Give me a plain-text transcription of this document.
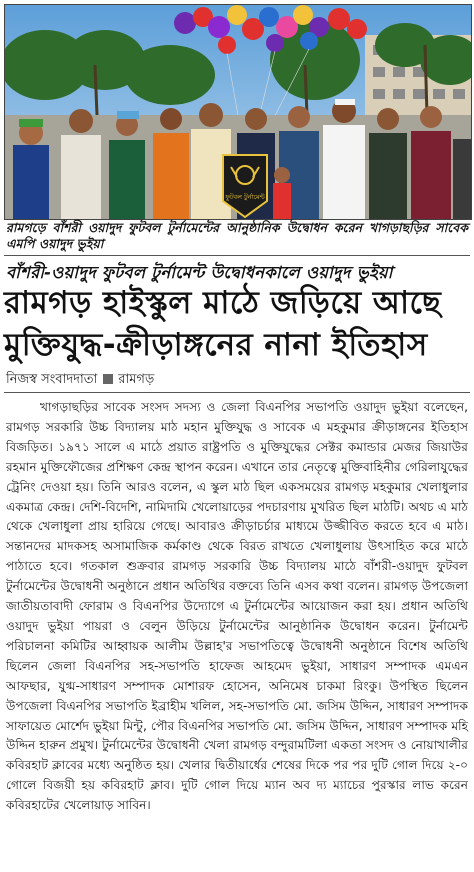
ফুটবল টুর্নামেন্ট
রামগড়ে বাঁশরী ওয়াদুদ ফুটবল টুর্নামেন্টের আনুষ্ঠানিক উদ্বোধন করেন খাগড়াছড়ির সাবেক এমপি ওয়াদুদ ভুইয়া
বাঁশরী-ওয়াদুদ ফুটবল টুর্নামেন্ট উদ্বোধনকালে ওয়াদুদ ভুইয়া
রামগড় হাইস্কুল মাঠে জড়িয়ে আছে মুক্তিযুদ্ধ-ক্রীড়াঙ্গনের নানা ইতিহাস
নিজস্ব সংবাদদাতা রামগড়
খাগড়াছড়ির সাবেক সংসদ সদস্য ও জেলা বিএনপির সভাপতি ওয়াদুদ ভুইয়া বলেছেন, রামগড় সরকারি উচ্চ বিদ্যালয় মাঠ মহান মুক্তিযুদ্ধ ও সাবেক এ মহকুমার ক্রীড়াঙ্গনের ইতিহাস বিজড়িত। ১৯৭১ সালে এ মাঠে প্রয়াত রাষ্ট্রপতি ও মুক্তিযুদ্ধের সেক্টর কমান্ডার মেজর জিয়াউর রহমান মুক্তিফৌজের প্রশিক্ষণ কেন্দ্র স্থাপন করেন। এখানে তার নেতৃত্বে মুক্তিবাহিনীর গেরিলাযুদ্ধের ট্রেনিং দেওয়া হয়। তিনি আরও বলেন, এ স্কুল মাঠ ছিল একসময়ের রামগড় মহকুমার খেলাধুলার একমাত্র কেন্দ্র। দেশি-বিদেশি, নামিদামি খেলোয়াড়ের পদচারণায় মুখরিত ছিল মাঠটি। অথচ এ মাঠ থেকে খেলাধুলা প্রায় হারিয়ে গেছে। আবারও ক্রীড়াচর্চার মাধ্যমে উজ্জীবিত করতে হবে এ মাঠ। সন্তানদের মাদকসহ অসামাজিক কর্মকাণ্ড থেকে বিরত রাখতে খেলাধুলায় উৎসাহিত করে মাঠে পাঠাতে হবে। গতকাল শুক্রবার রামগড় সরকারি উচ্চ বিদ্যালয় মাঠে বাঁশরী-ওয়াদুদ ফুটবল টুর্নামেন্টের উদ্বোধনী অনুষ্ঠানে প্রধান অতিথির বক্তব্যে তিনি এসব কথা বলেন। রামগড় উপজেলা জাতীয়তাবাদী ফোরাম ও বিএনপির উদ্যোগে এ টুর্নামেন্টের আয়োজন করা হয়। প্রধান অতিথি ওয়াদুদ ভুইয়া পায়রা ও বেলুন উড়িয়ে টুর্নামেন্টের আনুষ্ঠানিক উদ্বোধন করেন। টুর্নামেন্ট পরিচালনা কমিটির আহ্বায়ক আলীম উল্লাহ'র সভাপতিত্বে উদ্বোধনী অনুষ্ঠানে বিশেষ অতিথি ছিলেন জেলা বিএনপির সহ-সভাপতি হাফেজ আহমেদ ভুইয়া, সাধারণ সম্পাদক এমএন আফছার, যুগ্ম-সাধারণ সম্পাদক মোশারফ হোসেন, অনিমেষ চাকমা রিংকু। উপস্থিত ছিলেন উপজেলা বিএনপির সভাপতি ইব্রাহীম খলিল, সহ-সভাপতি মো. জসিম উদ্দিন, সাধারণ সম্পাদক সাফায়েত মোর্শেদ ভুইয়া মিন্টু, পৌর বিএনপির সভাপতি মো. জসিম উদ্দিন, সাধারণ সম্পাদক মহি উদ্দিন হারুন প্রমুখ। টুর্নামেন্টের উদ্বোধনী খেলা রামগড় বন্দুরামটিলা একতা সংসদ ও নোয়াখালীর কবিরহাট ক্লাবের মধ্যে অনুষ্ঠিত হয়। খেলার দ্বিতীয়ার্ধের শেষের দিকে পর পর দুটি গোল দিয়ে ২-০ গোলে বিজয়ী হয় কবিরহাট ক্লাব। দুটি গোল দিয়ে ম্যান অব দ্য ম্যাচের পুরস্কার লাভ করেন কবিরহাটের খেলোয়াড় সাবিন।
